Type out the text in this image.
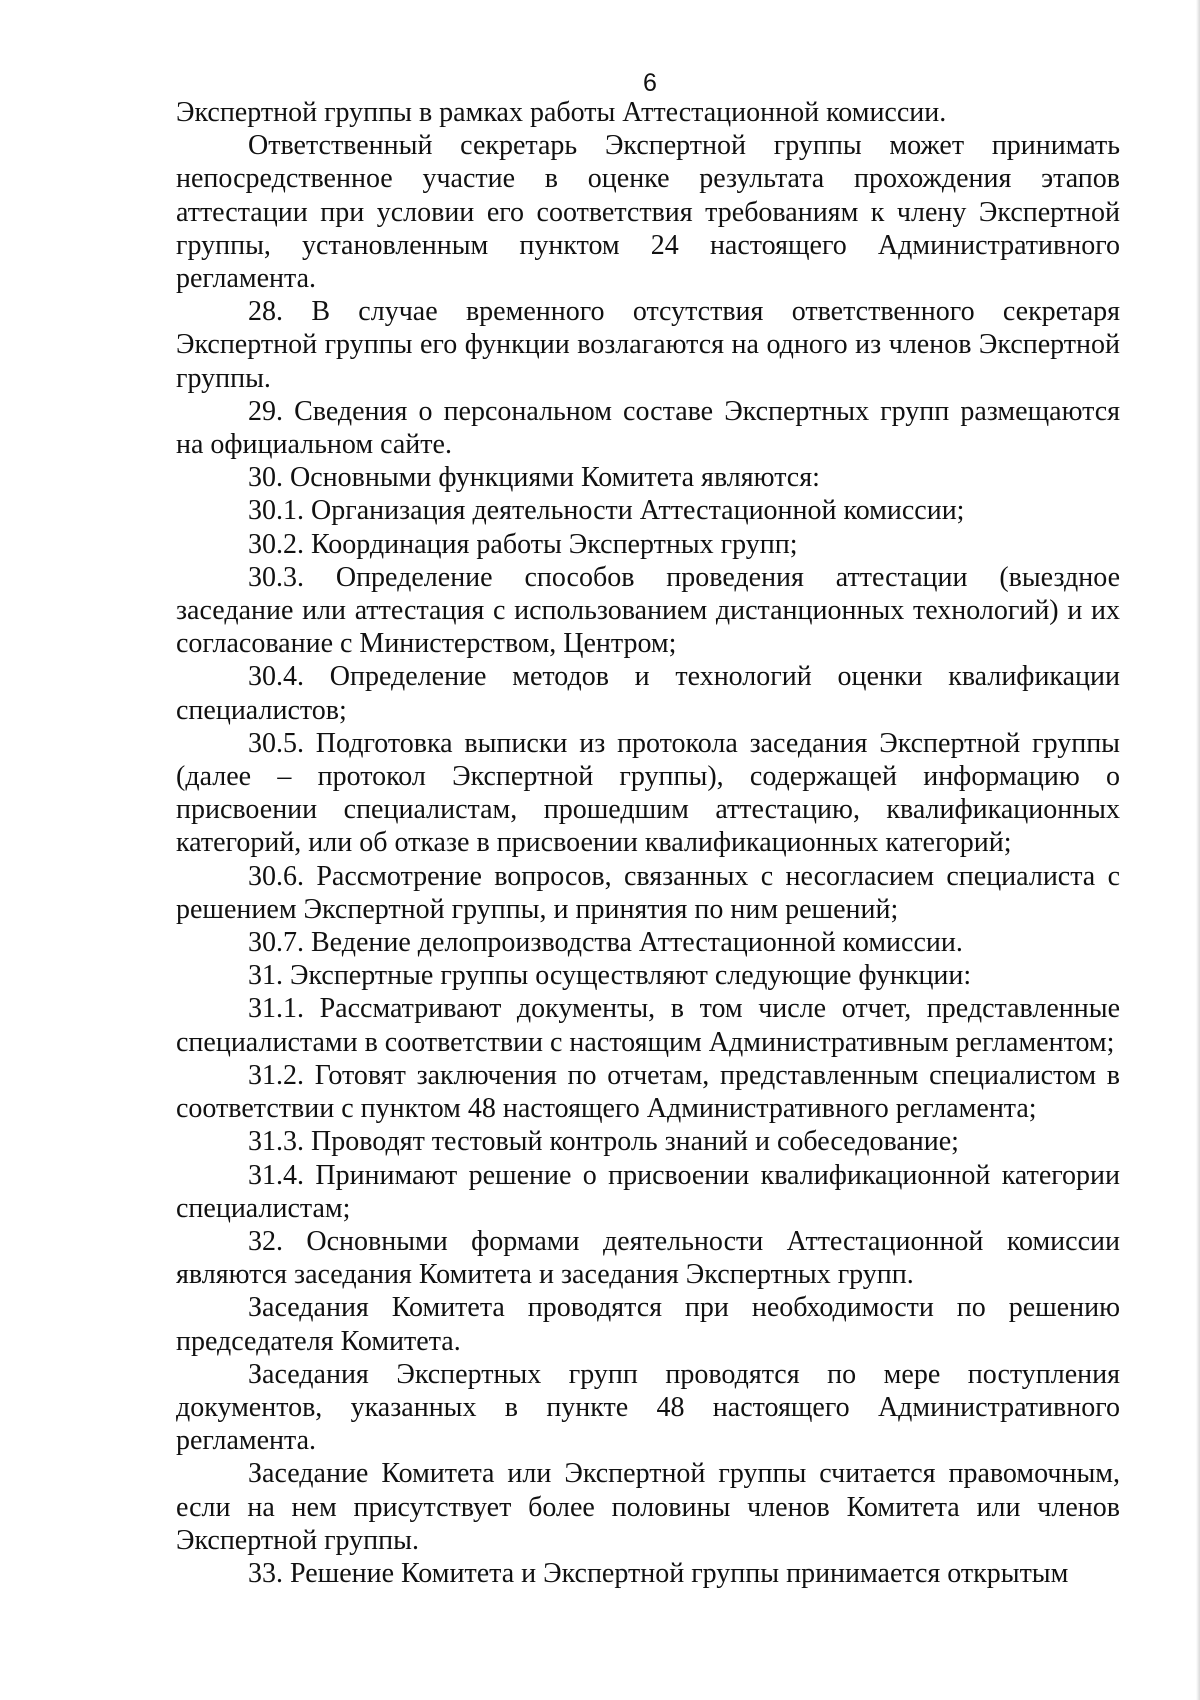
6

Экспертной группы в рамках работы Аттестационной комиссии.

Ответственный секретарь Экспертной группы может принимать непосредственное участие в оценке результата прохождения этапов аттестации при условии его соответствия требованиям к члену Экспертной группы, установленным пунктом 24 настоящего Административного регламента.

28. В случае временного отсутствия ответственного секретаря Экспертной группы его функции возлагаются на одного из членов Экспертной группы.

29. Сведения о персональном составе Экспертных групп размещаются на официальном сайте.

30. Основными функциями Комитета являются:

30.1. Организация деятельности Аттестационной комиссии;

30.2. Координация работы Экспертных групп;

30.3. Определение способов проведения аттестации (выездное заседание или аттестация с использованием дистанционных технологий) и их согласование с Министерством, Центром;

30.4. Определение методов и технологий оценки квалификации специалистов;

30.5. Подготовка выписки из протокола заседания Экспертной группы (далее – протокол Экспертной группы), содержащей информацию о присвоении специалистам, прошедшим аттестацию, квалификационных категорий, или об отказе в присвоении квалификационных категорий;

30.6. Рассмотрение вопросов, связанных с несогласием специалиста с решением Экспертной группы, и принятия по ним решений;

30.7. Ведение делопроизводства Аттестационной комиссии.

31. Экспертные группы осуществляют следующие функции:

31.1. Рассматривают документы, в том числе отчет, представленные специалистами в соответствии с настоящим Административным регламентом;

31.2. Готовят заключения по отчетам, представленным специалистом в соответствии с пунктом 48 настоящего Административного регламента;

31.3. Проводят тестовый контроль знаний и собеседование;

31.4. Принимают решение о присвоении квалификационной категории специалистам;

32. Основными формами деятельности Аттестационной комиссии являются заседания Комитета и заседания Экспертных групп.

Заседания Комитета проводятся при необходимости по решению председателя Комитета.

Заседания Экспертных групп проводятся по мере поступления документов, указанных в пункте 48 настоящего Административного регламента.

Заседание Комитета или Экспертной группы считается правомочным, если на нем присутствует более половины членов Комитета или членов Экспертной группы.

33. Решение Комитета и Экспертной группы принимается открытым
